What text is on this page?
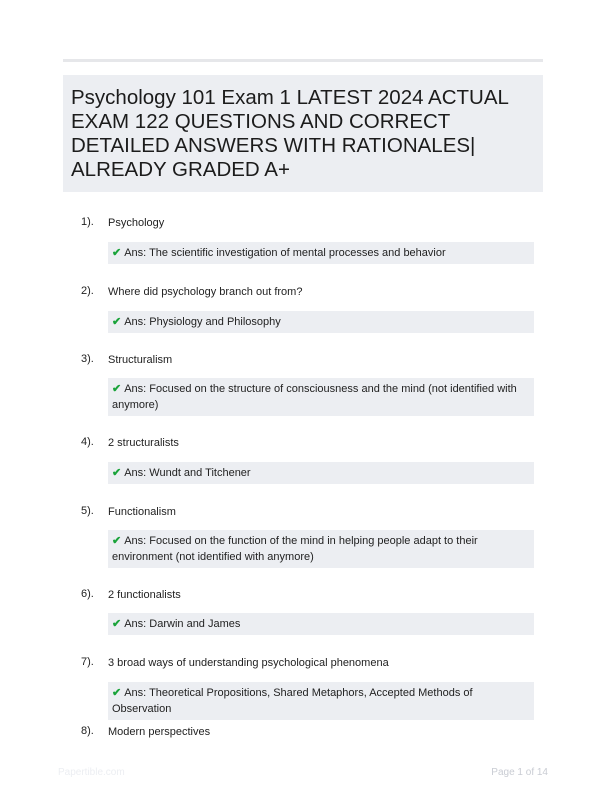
Psychology 101 Exam 1 LATEST 2024 ACTUAL EXAM 122 QUESTIONS AND CORRECT DETAILED ANSWERS WITH RATIONALES| ALREADY GRADED A+
1). Psychology
✔ Ans: The scientific investigation of mental processes and behavior
2). Where did psychology branch out from?
✔ Ans: Physiology and Philosophy
3). Structuralism
✔ Ans: Focused on the structure of consciousness and the mind (not identified with anymore)
4). 2 structuralists
✔ Ans: Wundt and Titchener
5). Functionalism
✔ Ans: Focused on the function of the mind in helping people adapt to their environment (not identified with anymore)
6). 2 functionalists
✔ Ans: Darwin and James
7). 3 broad ways of understanding psychological phenomena
✔ Ans: Theoretical Propositions, Shared Metaphors, Accepted Methods of Observation
8). Modern perspectives
Papertible.com	Page 1 of 14
